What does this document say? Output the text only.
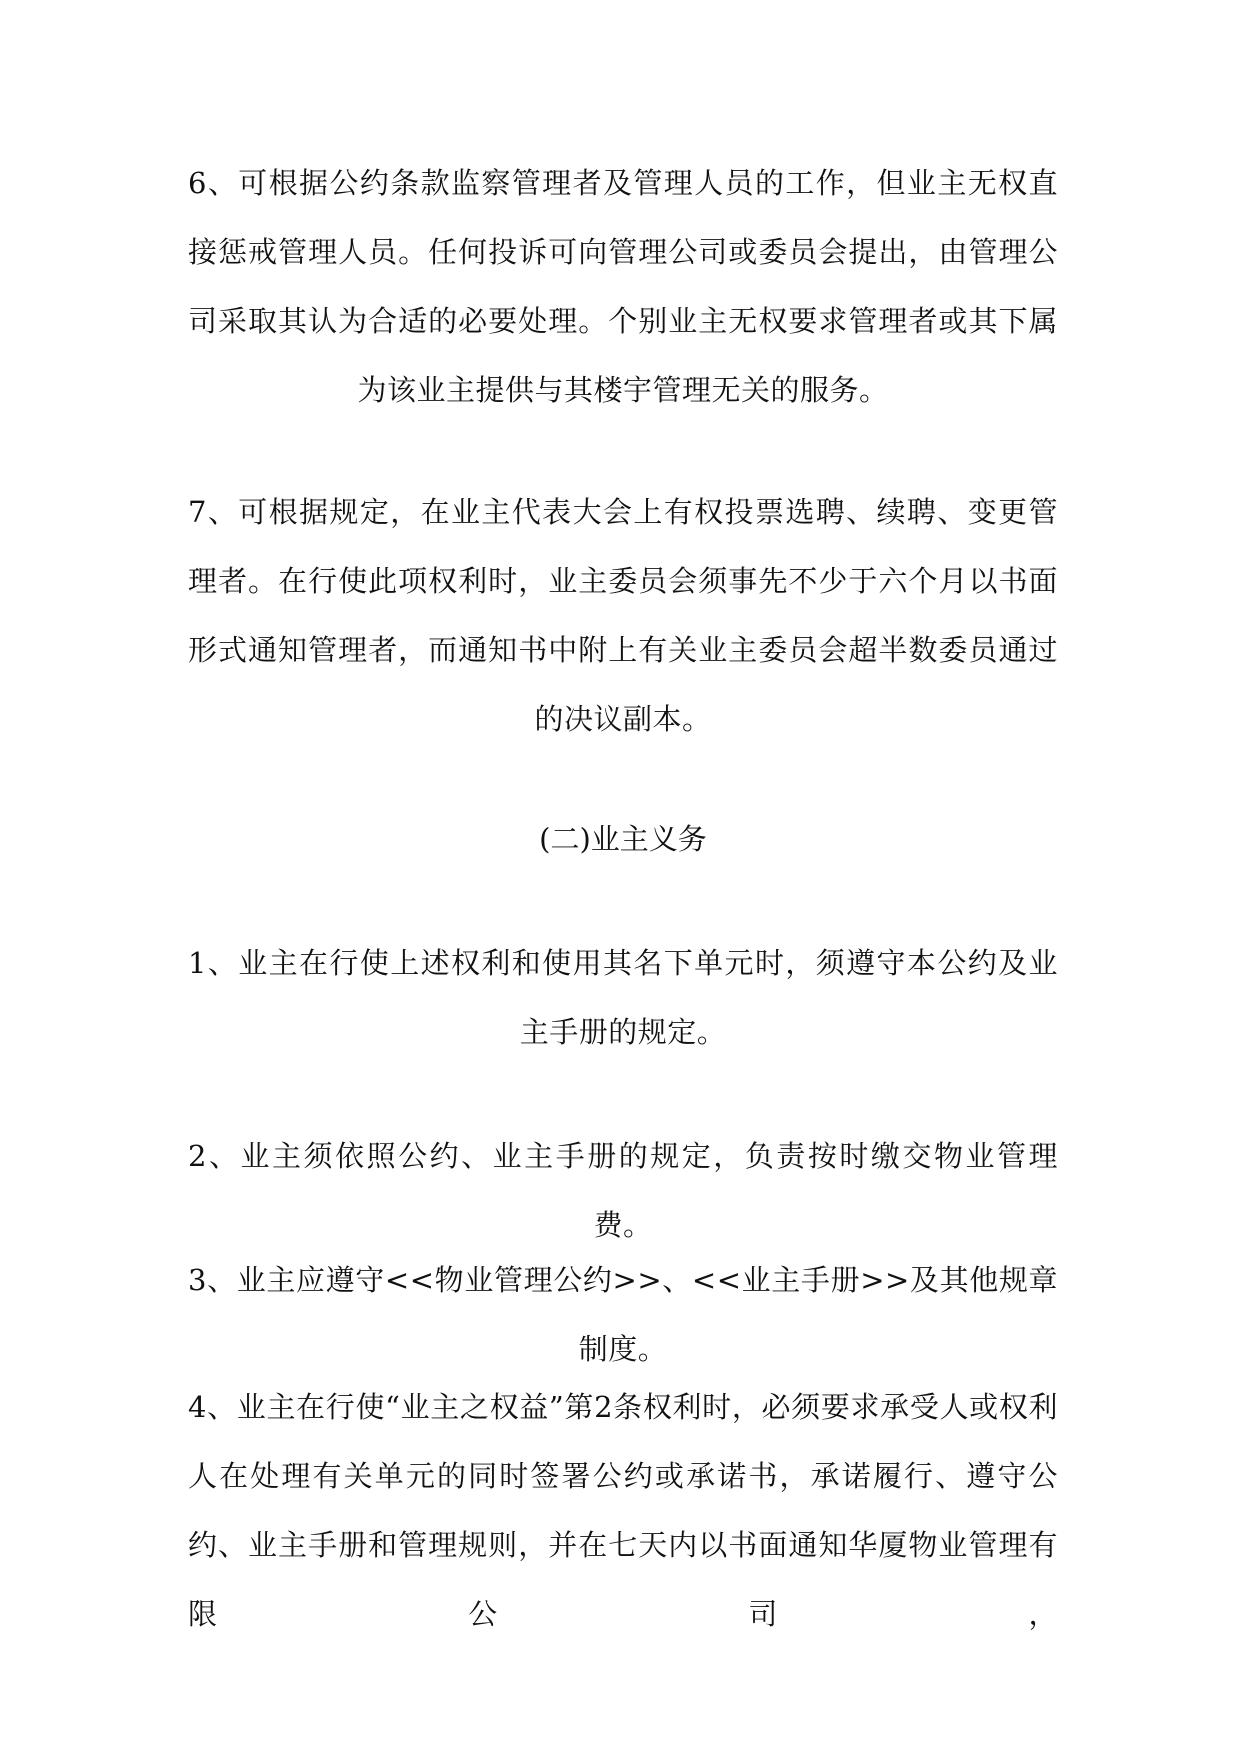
6、可根据公约条款监察管理者及管理人员的工作，但业主无权直接惩戒管理人员。任何投诉可向管理公司或委员会提出，由管理公司采取其认为合适的必要处理。个别业主无权要求管理者或其下属为该业主提供与其楼宇管理无关的服务。

7、可根据规定，在业主代表大会上有权投票选聘、续聘、变更管理者。在行使此项权利时，业主委员会须事先不少于六个月以书面形式通知管理者，而通知书中附上有关业主委员会超半数委员通过的决议副本。

(二)业主义务

1、业主在行使上述权利和使用其名下单元时，须遵守本公约及业主手册的规定。

2、业主须依照公约、业主手册的规定，负责按时缴交物业管理费。

3、业主应遵守<<物业管理公约>>、<<业主手册>>及其他规章制度。

4、业主在行使“业主之权益”第2条权利时，必须要求承受人或权利人在处理有关单元的同时签署公约或承诺书，承诺履行、遵守公约、业主手册和管理规则，并在七天内以书面通知华厦物业管理有限公司，
